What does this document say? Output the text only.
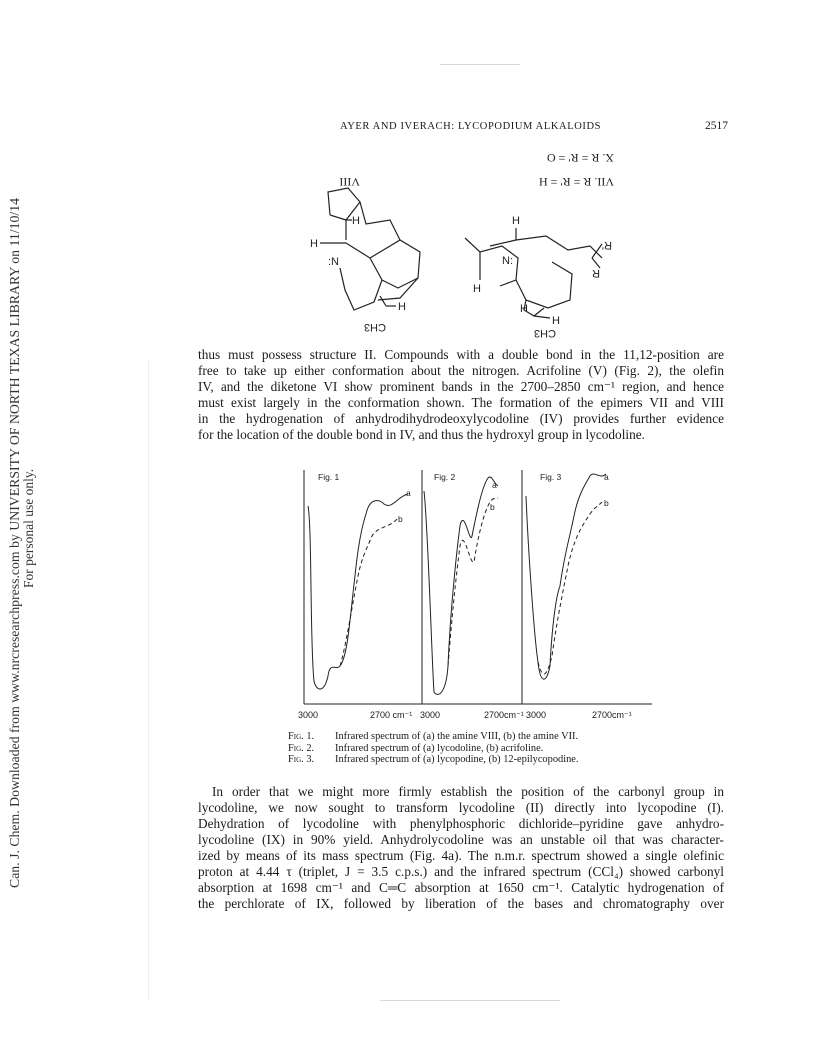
Can. J. Chem. Downloaded from www.nrcresearchpress.com by UNIVERSITY OF NORTH TEXAS LIBRARY on 11/10/14 For personal use only.
AYER AND IVERACH: LYCOPODIUM ALKALOIDS	2517
H
H
:N
H
CH3
H
N:
H
H
H
R'
R
CH3
VIII
X. R = R' = O
VII. R = R' = H
thus must possess structure II. Compounds with a double bond in the 11,12-position are
free to take up either conformation about the nitrogen. Acrifoline (V) (Fig. 2), the olefin
IV, and the diketone VI show prominent bands in the 2700–2850 cm⁻¹ region, and hence
must exist largely in the conformation shown. The formation of the epimers VII and VIII
in the hydrogenation of anhydrodihydrodeoxylycodoline (IV) provides further evidence
for the location of the double bond in IV, and thus the hydroxyl group in lycodoline.
Fig. 1
a
b
Fig. 2
a
b
Fig. 3	a
b
3000	2700 cm⁻¹ 3000	2700cm⁻¹ 3000	2700cm⁻¹
Fig. 1. Infrared spectrum of (a) the amine VIII, (b) the amine VII.
Fig. 2. Infrared spectrum of (a) lycodoline, (b) acrifoline.
Fig. 3. Infrared spectrum of (a) lycopodine, (b) 12-epilycopodine.
In order that we might more firmly establish the position of the carbonyl group in
lycodoline, we now sought to transform lycodoline (II) directly into lycopodine (I).
Dehydration of lycodoline with phenylphosphoric dichloride–pyridine gave anhydro-
lycodoline (IX) in 90% yield. Anhydrolycodoline was an unstable oil that was character-
ized by means of its mass spectrum (Fig. 4a). The n.m.r. spectrum showed a single olefinic
proton at 4.44 τ (triplet, J = 3.5 c.p.s.) and the infrared spectrum (CCl₄) showed carbonyl
absorption at 1698 cm⁻¹ and C═C absorption at 1650 cm⁻¹. Catalytic hydrogenation of
the perchlorate of IX, followed by liberation of the bases and chromatography over
